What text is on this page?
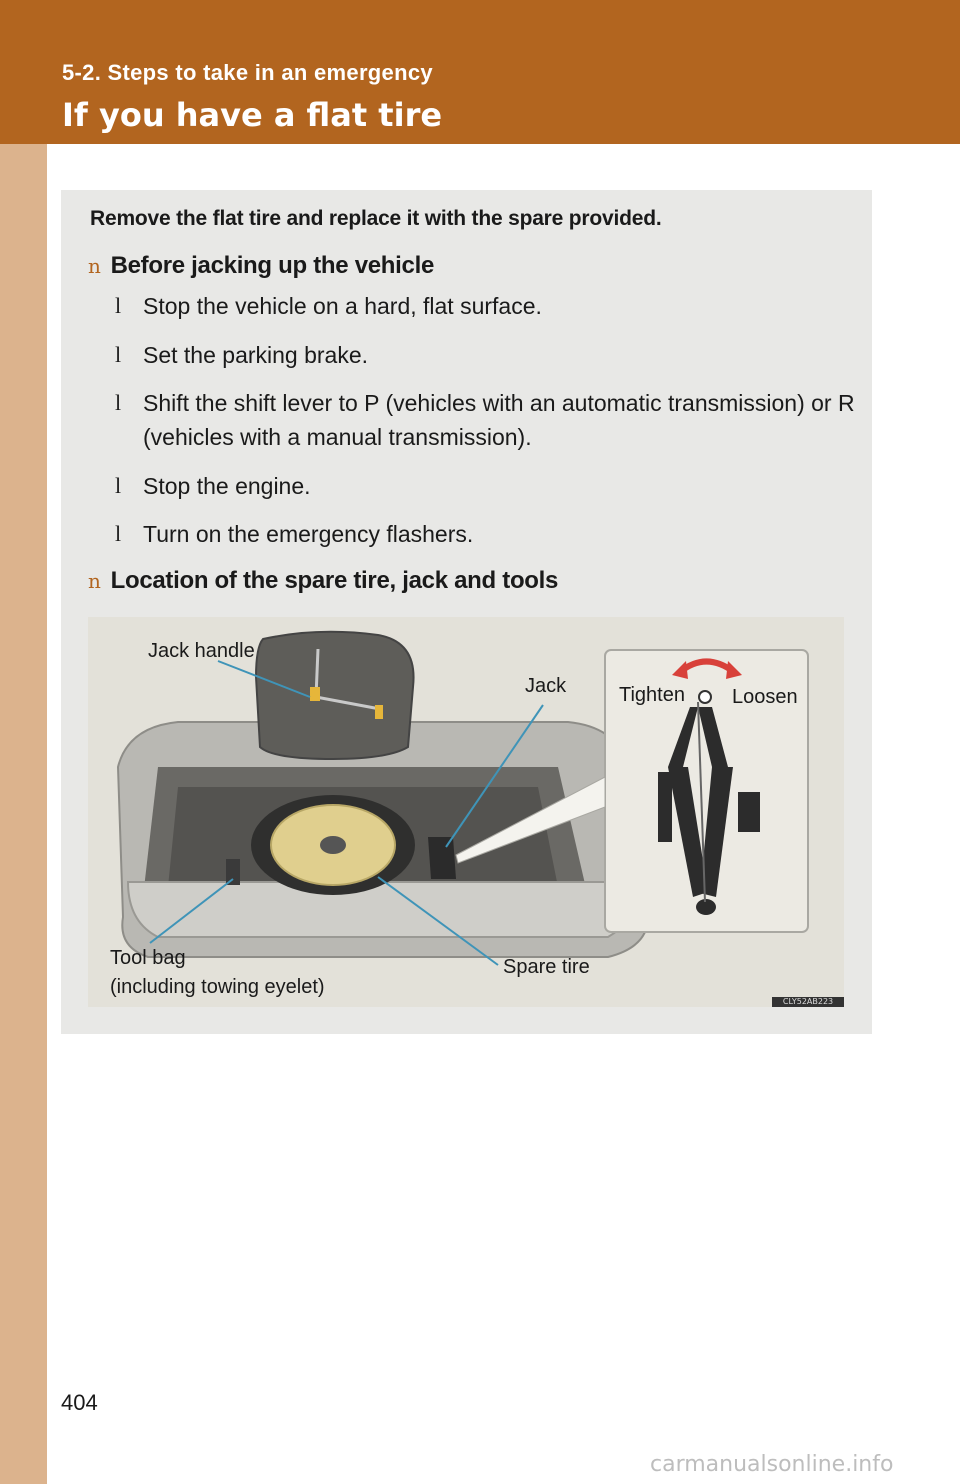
5-2. Steps to take in an emergency
If you have a flat tire
Remove the flat tire and replace it with the spare provided.
n Before jacking up the vehicle
l Stop the vehicle on a hard, flat surface.
l Set the parking brake.
l Shift the shift lever to P (vehicles with an automatic transmission) or R (vehicles with a manual transmission).
l Stop the engine.
l Turn on the emergency flashers.
n Location of the spare tire, jack and tools
Jack handle
Jack	Tighten Loosen
Tool bag
(including towing eyelet)
Spare tire
CLY52AB223
404
carmanualsonline.info
